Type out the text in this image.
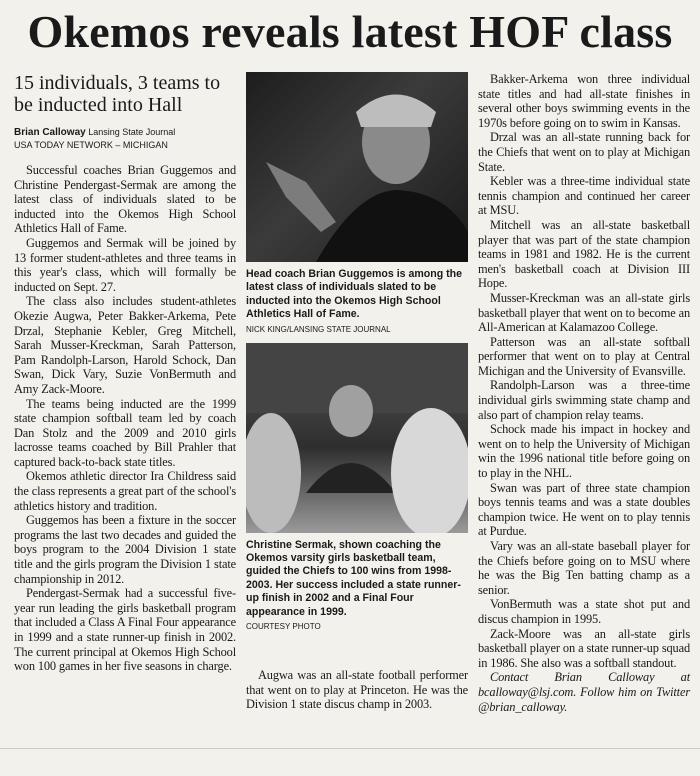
Okemos reveals latest HOF class
15 individuals, 3 teams to be inducted into Hall
Brian Calloway Lansing State Journal
USA TODAY NETWORK – MICHIGAN

Successful coaches Brian Guggemos and Christine Pendergast-Sermak are among the latest class of individuals slated to be inducted into the Okemos High School Athletics Hall of Fame.

Guggemos and Sermak will be joined by 13 former student-athletes and three teams in this year's class, which will formally be inducted on Sept. 27.

The class also includes student-athletes Okezie Augwa, Peter Bakker-Arkema, Pete Drzal, Stephanie Kebler, Greg Mitchell, Sarah Musser-Kreckman, Sarah Patterson, Pam Randolph-Larson, Harold Schock, Dan Swan, Dick Vary, Suzie VonBermuth and Amy Zack-Moore.

The teams being inducted are the 1999 state champion softball team led by coach Dan Stolz and the 2009 and 2010 girls lacrosse teams coached by Bill Prahler that captured back-to-back state titles.

Okemos athletic director Ira Childress said the class represents a great part of the school's athletics history and tradition.

Guggemos has been a fixture in the soccer programs the last two decades and guided the boys program to the 2004 Division 1 state title and the girls program the Division 1 state championship in 2012.

Pendergast-Sermak had a successful five-year run leading the girls basketball program that included a Class A Final Four appearance in 1999 and a state runner-up finish in 2002. The current principal at Okemos High School won 100 games in her five seasons in charge.

Head coach Brian Guggemos is among the latest class of individuals slated to be inducted into the Okemos High School Athletics Hall of Fame.
NICK KING/LANSING STATE JOURNAL
Christine Sermak, shown coaching the Okemos varsity girls basketball team, guided the Chiefs to 100 wins from 1998-2003. Her success included a state runner-up finish in 2002 and a Final Four appearance in 1999.
COURTESY PHOTO

Augwa was an all-state football performer that went on to play at Princeton. He was the Division 1 state discus champ in 2003.

Bakker-Arkema won three individual state titles and had all-state finishes in several other boys swimming events in the 1970s before going on to swim in Kansas.

Drzal was an all-state running back for the Chiefs that went on to play at Michigan State.

Kebler was a three-time individual state tennis champion and continued her career at MSU.

Mitchell was an all-state basketball player that was part of the state champion teams in 1981 and 1982. He is the current men's basketball coach at Division III Hope.

Musser-Kreckman was an all-state girls basketball player that went on to become an All-American at Kalamazoo College.

Patterson was an all-state softball performer that went on to play at Central Michigan and the University of Evansville.

Randolph-Larson was a three-time individual girls swimming state champ and also part of champion relay teams.

Schock made his impact in hockey and went on to help the University of Michigan win the 1996 national title before going on to play in the NHL.

Swan was part of three state champion boys tennis teams and was a state doubles champion twice. He went on to play tennis at Purdue.

Vary was an all-state baseball player for the Chiefs before going on to MSU where he was the Big Ten batting champ as a senior.

VonBermuth was a state shot put and discus champion in 1995.

Zack-Moore was an all-state girls basketball player on a state runner-up squad in 1986. She also was a softball standout.

Contact Brian Calloway at bcalloway@lsj.com. Follow him on Twitter @brian_calloway.
